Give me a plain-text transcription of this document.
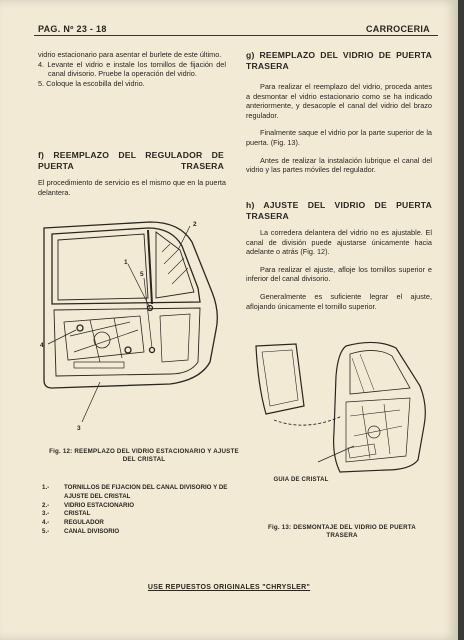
PAG. Nº 23 - 18	CARROCERIA

vidrio estacionario para asentar el burlete de este último.

4. Levante el vidrio e instale los tornillos de fijación del canal divisorio. Pruebe la operación del vidrio.

5. Coloque la escobilla del vidrio.

f) REEMPLAZO DEL REGULADOR DE PUERTA TRASERA
El procedimiento de servicio es el mismo que en la puerta delantera.
1
2
3
4
5
Fig. 12: REEMPLAZO DEL VIDRIO ESTACIONARIO Y AJUSTE DEL CRISTAL
1.-	TORNILLOS DE FIJACION DEL CANAL DIVISORIO Y DE AJUSTE DEL CRISTAL
2.-	VIDRIO ESTACIONARIO
3.-	CRISTAL
4.-	REGULADOR
5.-	CANAL DIVISORIO
g) REEMPLAZO DEL VIDRIO DE PUERTA TRASERA

Para realizar el reemplazo del vidrio, proceda antes a desmontar el vidrio estacionario como se ha indicado anteriormente, y desacople el canal del vidrio del brazo regulador.

Finalmente saque el vidrio por la parte superior de la puerta. (Fig. 13).

Antes de realizar la instalación lubrique el canal del vidrio y las partes móviles del regulador.

h) AJUSTE DEL VIDRIO DE PUERTA TRASERA

La corredera delantera del vidrio no es ajustable. El canal de división puede ajustarse únicamente hacia adelante o atrás (Fig. 12).

Para realizar el ajuste, afloje los tornillos superior e inferior del canal divisorio.

Generalmente es suficiente legrar el ajuste, aflojando únicamente el tornillo superior.

GUIA DE CRISTAL
Fig. 13: DESMONTAJE DEL VIDRIO DE PUERTA TRASERA
USE REPUESTOS ORIGINALES "CHRYSLER"
